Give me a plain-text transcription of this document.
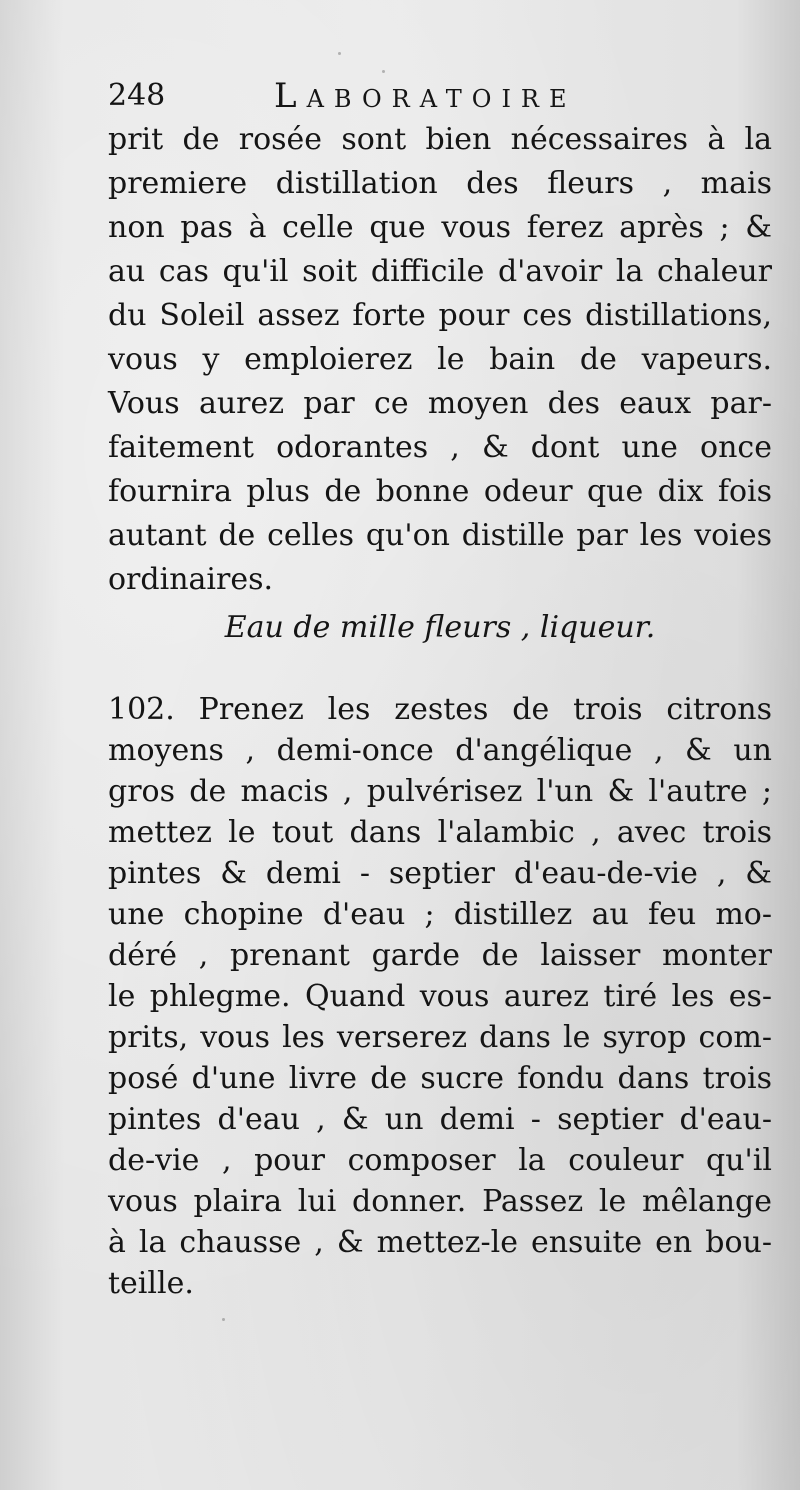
248	Laboratoire
prit de rosée sont bien nécessaires à la
premiere distillation des fleurs , mais
non pas à celle que vous ferez après ; &
au cas qu'il soit difficile d'avoir la chaleur
du Soleil assez forte pour ces distillations,
vous y emploierez le bain de vapeurs.
Vous aurez par ce moyen des eaux par-
faitement odorantes , & dont une once
fournira plus de bonne odeur que dix fois
autant de celles qu'on distille par les voies
ordinaires.
Eau de mille fleurs , liqueur.
102. Prenez les zestes de trois citrons
moyens , demi-once d'angélique , & un
gros de macis , pulvérisez l'un & l'autre ;
mettez le tout dans l'alambic , avec trois
pintes & demi - septier d'eau-de-vie , &
une chopine d'eau ; distillez au feu mo-
déré , prenant garde de laisser monter
le phlegme. Quand vous aurez tiré les es-
prits, vous les verserez dans le syrop com-
posé d'une livre de sucre fondu dans trois
pintes d'eau , & un demi - septier d'eau-
de-vie , pour composer la couleur qu'il
vous plaira lui donner. Passez le mêlange
à la chausse , & mettez-le ensuite en bou-
teille.
